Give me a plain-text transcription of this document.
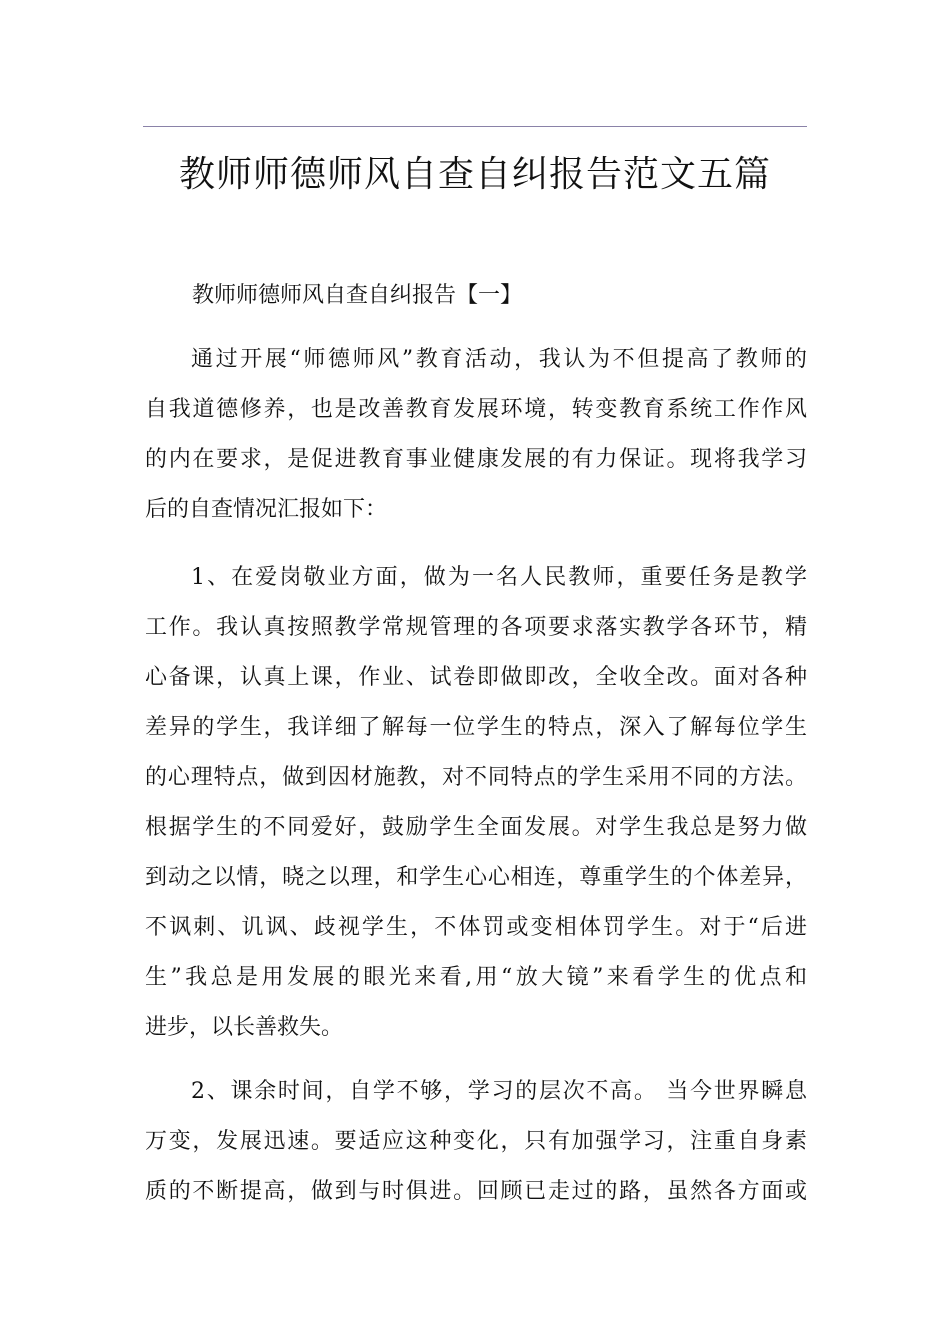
教师师德师风自查自纠报告范文五篇
教师师德师风自查自纠报告【一】
通过开展“师德师风”教育活动，我认为不但提高了教师的
自我道德修养，也是改善教育发展环境，转变教育系统工作作风
的内在要求，是促进教育事业健康发展的有力保证。现将我学习
后的自查情况汇报如下：
1、在爱岗敬业方面，做为一名人民教师，重要任务是教学
工作。我认真按照教学常规管理的各项要求落实教学各环节，精
心备课，认真上课，作业、试卷即做即改，全收全改。面对各种
差异的学生，我详细了解每一位学生的特点，深入了解每位学生
的心理特点，做到因材施教，对不同特点的学生采用不同的方法。
根据学生的不同爱好，鼓励学生全面发展。对学生我总是努力做
到动之以情，晓之以理，和学生心心相连，尊重学生的个体差异，
不讽刺、讥讽、歧视学生，不体罚或变相体罚学生。对于“后进
生”我总是用发展的眼光来看,用“放大镜”来看学生的优点和
进步，以长善救失。
2、课余时间，自学不够，学习的层次不高。 当今世界瞬息
万变，发展迅速。要适应这种变化，只有加强学习，注重自身素
质的不断提高，做到与时俱进。回顾已走过的路，虽然各方面或
